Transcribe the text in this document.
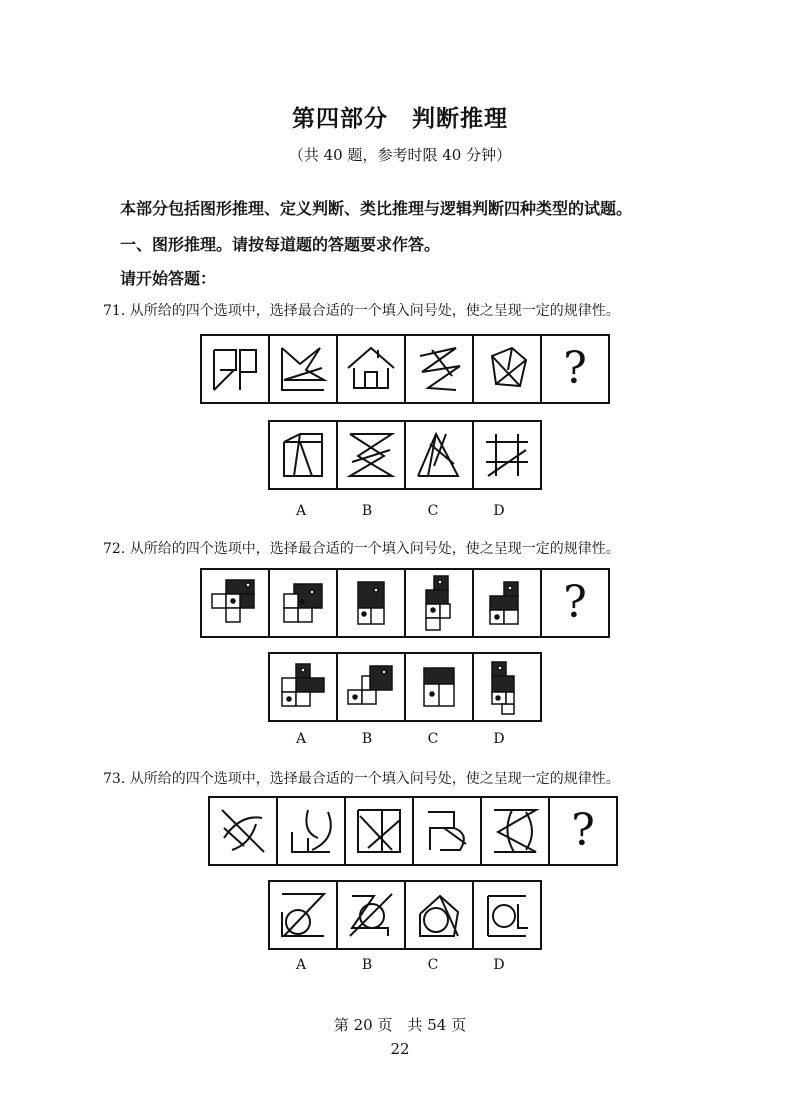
第四部分　判断推理
（共 40 题，参考时限 40 分钟）
本部分包括图形推理、定义判断、类比推理与逻辑判断四种类型的试题。
一、图形推理。请按每道题的答题要求作答。
请开始答题：
71. 从所给的四个选项中，选择最合适的一个填入问号处，使之呈现一定的规律性。
?
A	B	C	D
72. 从所给的四个选项中，选择最合适的一个填入问号处，使之呈现一定的规律性。
?
A	B	C	D
73. 从所给的四个选项中，选择最合适的一个填入问号处，使之呈现一定的规律性。
?
A	B	C	D
第 20 页　共 54 页
22
